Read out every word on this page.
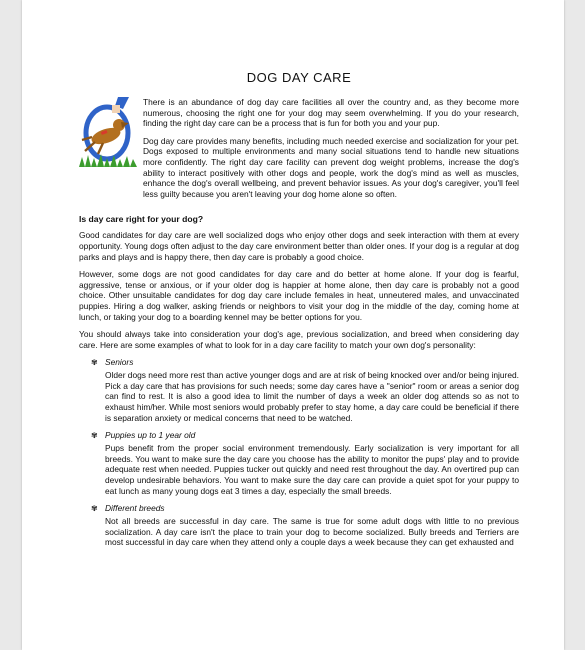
DOG DAY CARE

There is an abundance of dog day care facilities all over the country and, as they become more numerous, choosing the right one for your dog may seem overwhelming. If you do your research, finding the right day care can be a process that is fun for both you and your pup.

Dog day care provides many benefits, including much needed exercise and socialization for your pet. Dogs exposed to multiple environments and many social situations tend to handle new situations more confidently. The right day care facility can prevent dog weight problems, increase the dog's ability to interact positively with other dogs and people, work the dog's mind as well as muscles, enhance the dog's overall wellbeing, and prevent behavior issues. As your dog's caregiver, you'll feel less guilty because you aren't leaving your dog home alone so often.

Is day care right for your dog?

Good candidates for day care are well socialized dogs who enjoy other dogs and seek interaction with them at every opportunity. Young dogs often adjust to the day care environment better than older ones. If your dog is a regular at dog parks and plays and is happy there, then day care is probably a good choice.

However, some dogs are not good candidates for day care and do better at home alone. If your dog is fearful, aggressive, tense or anxious, or if your older dog is happier at home alone, then day care is probably not a good choice. Other unsuitable candidates for dog day care include females in heat, unneutered males, and unvaccinated puppies. Hiring a dog walker, asking friends or neighbors to visit your dog in the middle of the day, coming home at lunch, or taking your dog to a boarding kennel may be better options for you.

You should always take into consideration your dog's age, previous socialization, and breed when considering day care. Here are some examples of what to look for in a day care facility to match your own dog's personality:

✾ Seniors

Older dogs need more rest than active younger dogs and are at risk of being knocked over and/or being injured. Pick a day care that has provisions for such needs; some day cares have a "senior" room or areas a senior dog can find to rest. It is also a good idea to limit the number of days a week an older dog attends so as not to exhaust him/her. While most seniors would probably prefer to stay home, a day care could be beneficial if there is separation anxiety or medical concerns that need to be watched.

✾ Puppies up to 1 year old

Pups benefit from the proper social environment tremendously. Early socialization is very important for all breeds. You want to make sure the day care you choose has the ability to monitor the pups' play and to provide adequate rest when needed. Puppies tucker out quickly and need rest throughout the day. An overtired pup can develop undesirable behaviors. You want to make sure the day care can provide a quiet spot for your puppy to eat lunch as many young dogs eat 3 times a day, especially the small breeds.

✾ Different breeds

Not all breeds are successful in day care. The same is true for some adult dogs with little to no previous socialization. A day care isn't the place to train your dog to become socialized. Bully breeds and Terriers are most successful in day care when they attend only a couple days a week because they can get exhausted and
